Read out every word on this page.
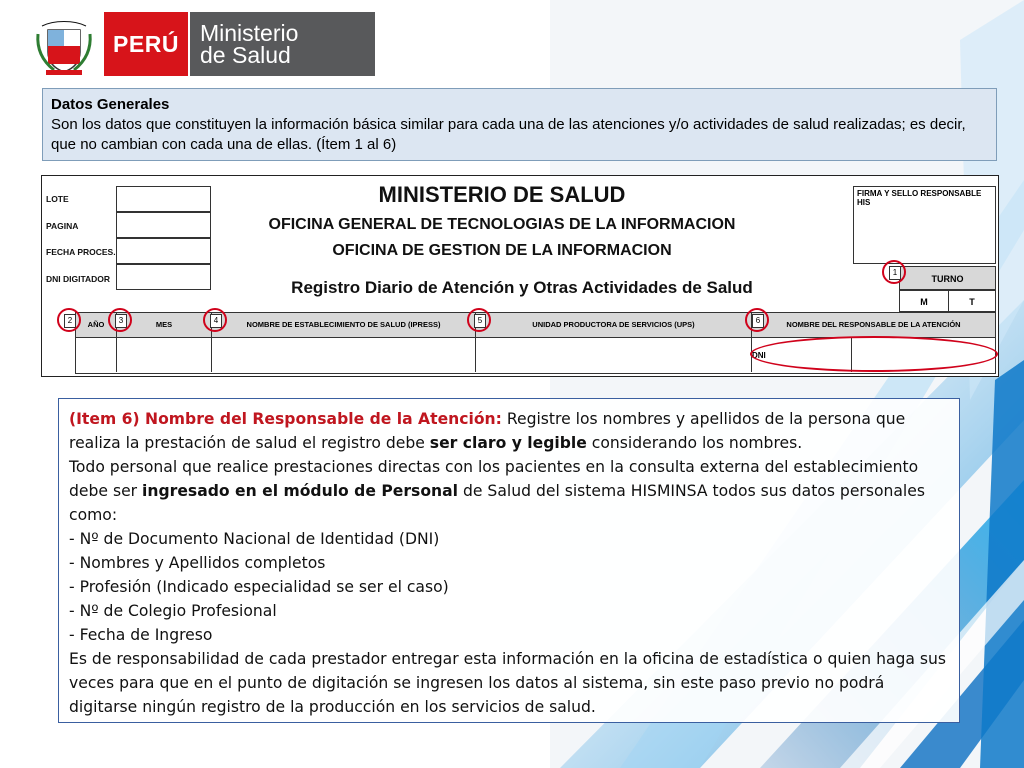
PERÚ Ministerio
de Salud
Datos Generales
Son los datos que constituyen la información básica similar para cada una de las atenciones y/o actividades de salud realizadas; es decir, que no cambian con cada una de ellas. (Ítem 1 al 6)
LOTE
PAGINA
FECHA PROCES.
DNI DIGITADOR
MINISTERIO DE SALUD
OFICINA GENERAL DE TECNOLOGIAS DE LA INFORMACION
OFICINA DE GESTION DE LA INFORMACION
Registro Diario de Atención y Otras Actividades de Salud
FIRMA Y SELLO RESPONSABLE HIS
TURNO
M	T
AÑO	MES	NOMBRE DE ESTABLECIMIENTO DE SALUD (IPRESS)	UNIDAD PRODUCTORA DE SERVICIOS (UPS)	NOMBRE DEL RESPONSABLE DE LA ATENCIÓN
DNI
1
2	3	4	5	6

(Item 6) Nombre del Responsable de la Atención: Registre los nombres y apellidos de la persona que realiza la prestación de salud el registro debe ser claro y legible considerando los nombres.

Todo personal que realice prestaciones directas con los pacientes en la consulta externa del establecimiento debe ser ingresado en el módulo de Personal de Salud del sistema HISMINSA todos sus datos personales como:

- Nº de Documento Nacional de Identidad (DNI)

- Nombres y Apellidos completos

- Profesión (Indicado especialidad se ser el caso)

- Nº de Colegio Profesional

- Fecha de Ingreso

Es de responsabilidad de cada prestador entregar esta información en la oficina de estadística o quien haga sus veces para que en el punto de digitación se ingresen los datos al sistema, sin este paso previo no podrá digitarse ningún registro de la producción en los servicios de salud.
